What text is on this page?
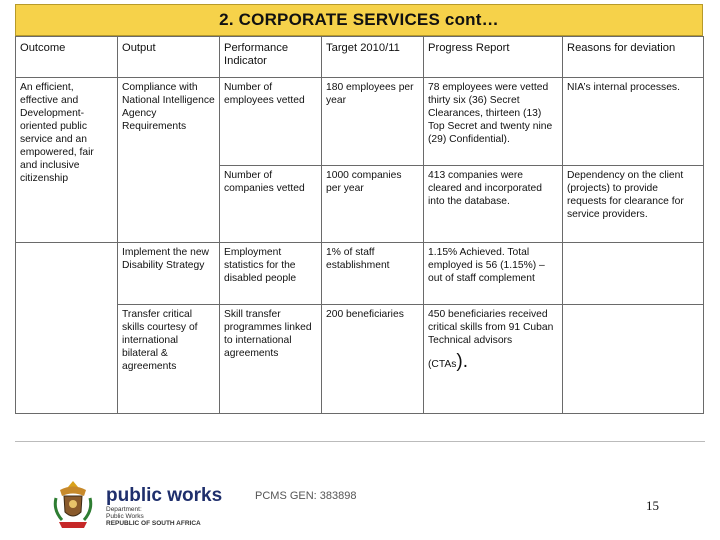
2. CORPORATE SERVICES cont…
Outcome	Output	Performance Indicator	Target 2010/11	Progress Report	Reasons for deviation
An efficient, effective and Development-oriented public service and an empowered, fair and inclusive citizenship	Compliance with National Intelligence Agency Requirements	Number of employees vetted	180 employees per year	78 employees were vetted thirty six (36) Secret Clearances, thirteen (13) Top Secret and twenty nine (29) Confidential).	NIA’s internal processes.
		Number of companies vetted	1000 companies per year	413 companies were cleared and incorporated into the database.	Dependency on the client (projects) to provide requests for clearance for service providers.
	Implement the new Disability Strategy	Employment statistics for the disabled people	1% of staff establishment	1.15% Achieved. Total employed is 56 (1.15%) –out of staff complement	
	Transfer critical skills courtesy of international bilateral & agreements	Skill transfer programmes linked to international agreements	200 beneficiaries	450 beneficiaries received critical skills from 91 Cuban Technical advisors
(CTAs).	

public works
Department:
Public Works
REPUBLIC OF SOUTH AFRICA
PCMS GEN: 383898
15
